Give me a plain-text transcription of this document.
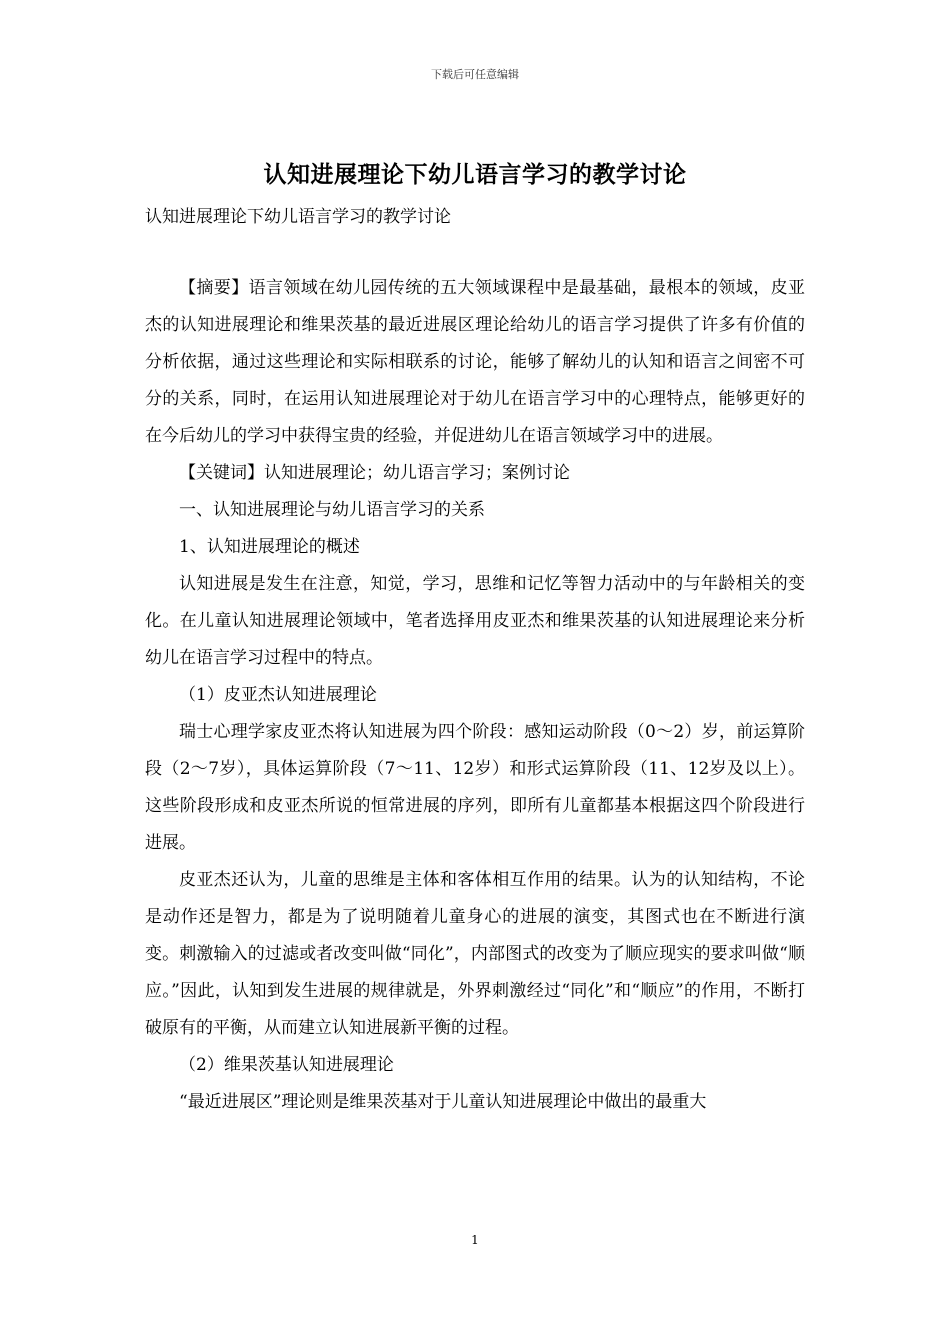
下载后可任意编辑
认知进展理论下幼儿语言学习的教学讨论
认知进展理论下幼儿语言学习的教学讨论

【摘要】语言领域在幼儿园传统的五大领域课程中是最基础，最根本的领域，皮亚杰的认知进展理论和维果茨基的最近进展区理论给幼儿的语言学习提供了许多有价值的分析依据，通过这些理论和实际相联系的讨论，能够了解幼儿的认知和语言之间密不可分的关系，同时，在运用认知进展理论对于幼儿在语言学习中的心理特点，能够更好的在今后幼儿的学习中获得宝贵的经验，并促进幼儿在语言领域学习中的进展。

【关键词】认知进展理论；幼儿语言学习；案例讨论

一、认知进展理论与幼儿语言学习的关系

1、认知进展理论的概述

认知进展是发生在注意，知觉，学习，思维和记忆等智力活动中的与年龄相关的变化。在儿童认知进展理论领域中，笔者选择用皮亚杰和维果茨基的认知进展理论来分析幼儿在语言学习过程中的特点。

（1）皮亚杰认知进展理论

瑞士心理学家皮亚杰将认知进展为四个阶段：感知运动阶段（0～2）岁，前运算阶段（2～7岁），具体运算阶段（7～11、12岁）和形式运算阶段（11、12岁及以上）。这些阶段形成和皮亚杰所说的恒常进展的序列，即所有儿童都基本根据这四个阶段进行进展。

皮亚杰还认为，儿童的思维是主体和客体相互作用的结果。认为的认知结构，不论是动作还是智力，都是为了说明随着儿童身心的进展的演变，其图式也在不断进行演变。刺激输入的过滤或者改变叫做“同化”，内部图式的改变为了顺应现实的要求叫做“顺应。”因此，认知到发生进展的规律就是，外界刺激经过“同化”和“顺应”的作用，不断打破原有的平衡，从而建立认知进展新平衡的过程。

（2）维果茨基认知进展理论

“最近进展区”理论则是维果茨基对于儿童认知进展理论中做出的最重大

1
